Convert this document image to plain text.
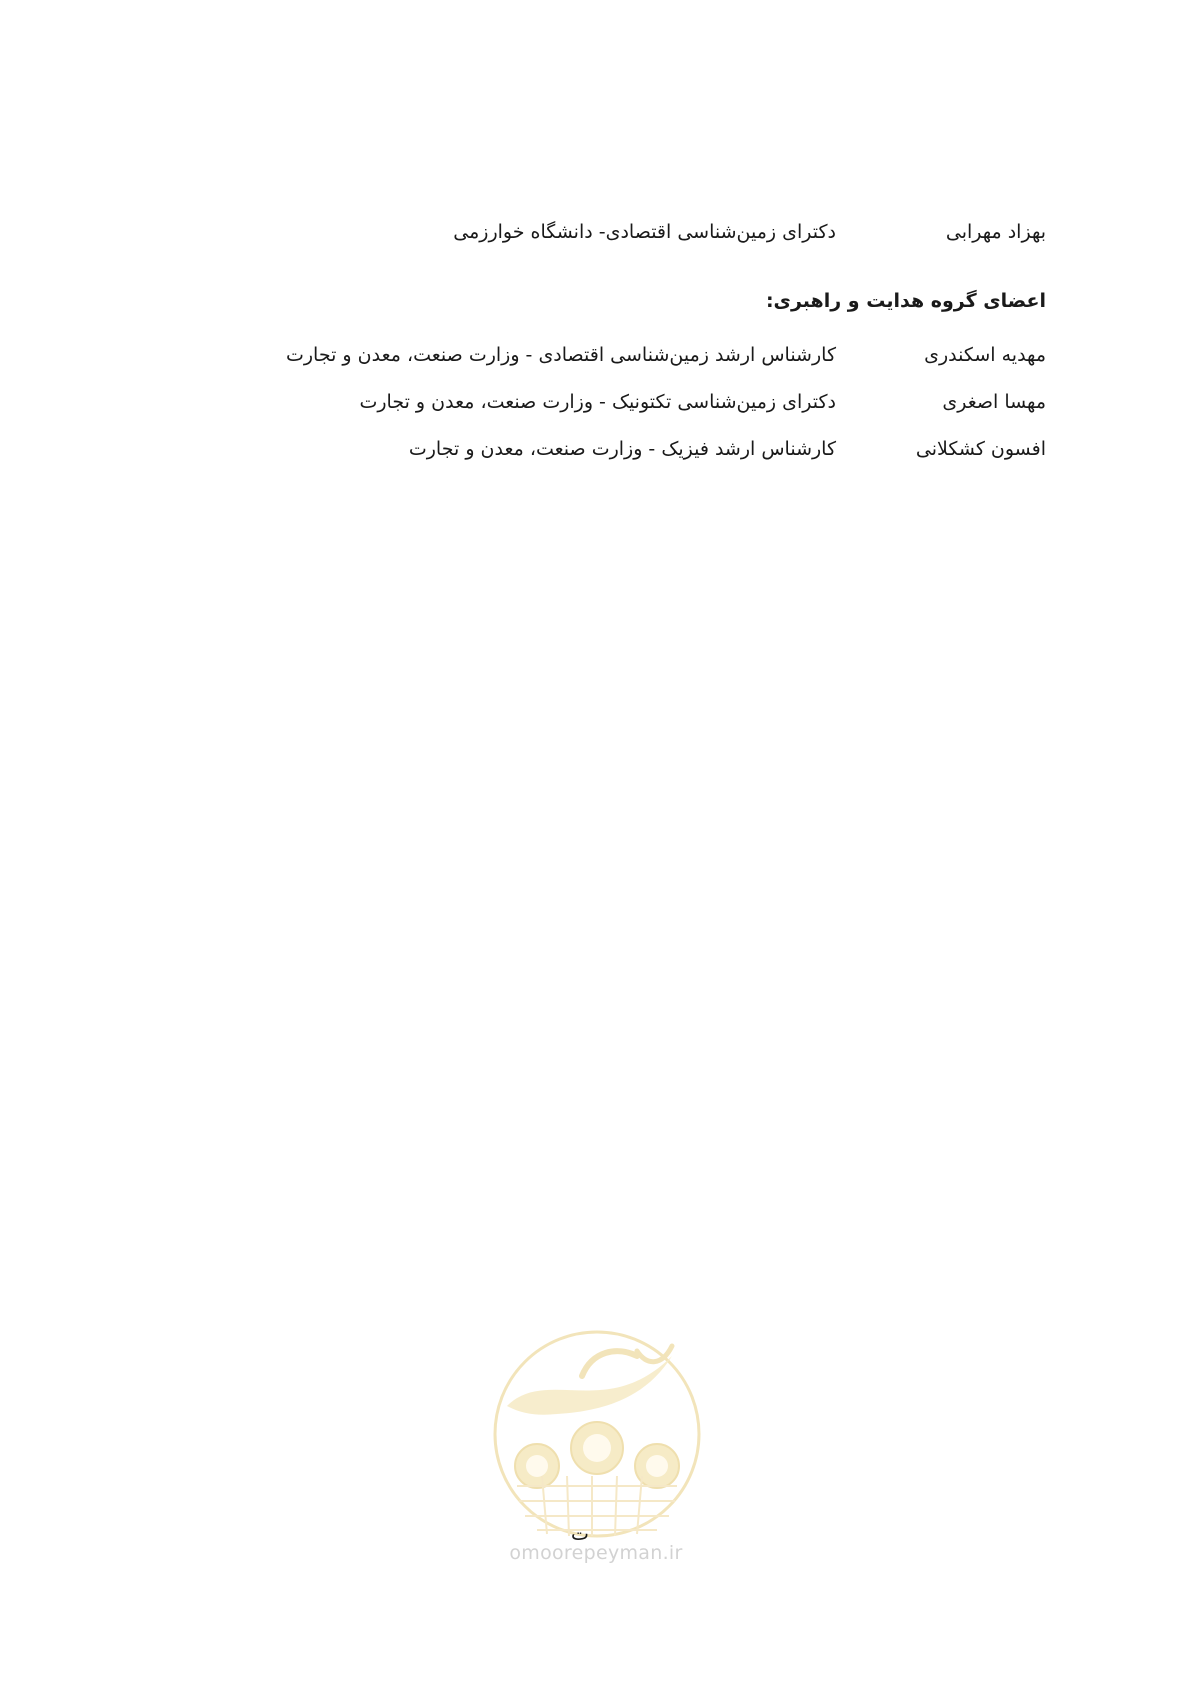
بهزاد مهرابی
دکترای زمین‌شناسی اقتصادی- دانشگاه خوارزمی
اعضای گروه هدایت و راهبری:
مهدیه اسکندری
کارشناس ارشد زمین‌شناسی اقتصادی - وزارت صنعت، معدن و تجارت
مهسا اصغری
دکترای زمین‌شناسی تکتونیک - وزارت صنعت، معدن و تجارت
افسون کشکلانی
کارشناس ارشد فیزیک - وزارت صنعت، معدن و تجارت
ت
omoorepeyman.ir
